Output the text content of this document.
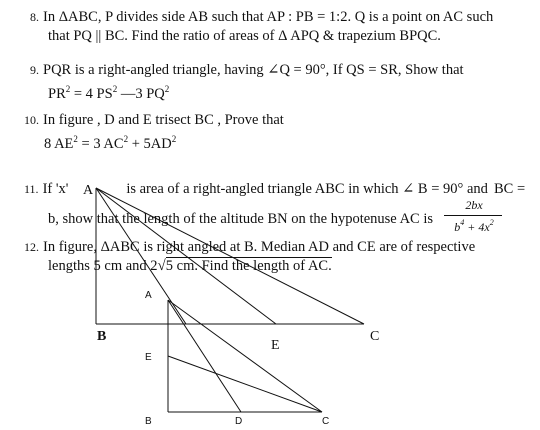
8. In ΔABC, P divides side AB such that AP : PB = 1:2. Q is a point on AC such
that PQ || BC. Find the ratio of areas of Δ APQ & trapezium BPQC.
9. PQR is a right-angled triangle, having ∠Q = 90°, If QS = SR, Show that
$PR^2 = 4$ $PS^2$ —3 $PQ^2$
10. In figure , D and E trisect BC , Prove that
8 $AE^2 = 3$ $AC^2 + 5AD^2$
11. If 'x'	is area of a right-angled triangle ABC in which ∠ B = 90° and BC =
b, show that the length of the altitude BN on the hypotenuse AC is
2bx
$b^4 + 4x^2$
12. In figure, ΔABC is right angled at B. Median AD and CE are of respective
lengths 5 cm and 2√5 cm. Find the length of AC.
A
B	C
E
A
E
B	D	C
